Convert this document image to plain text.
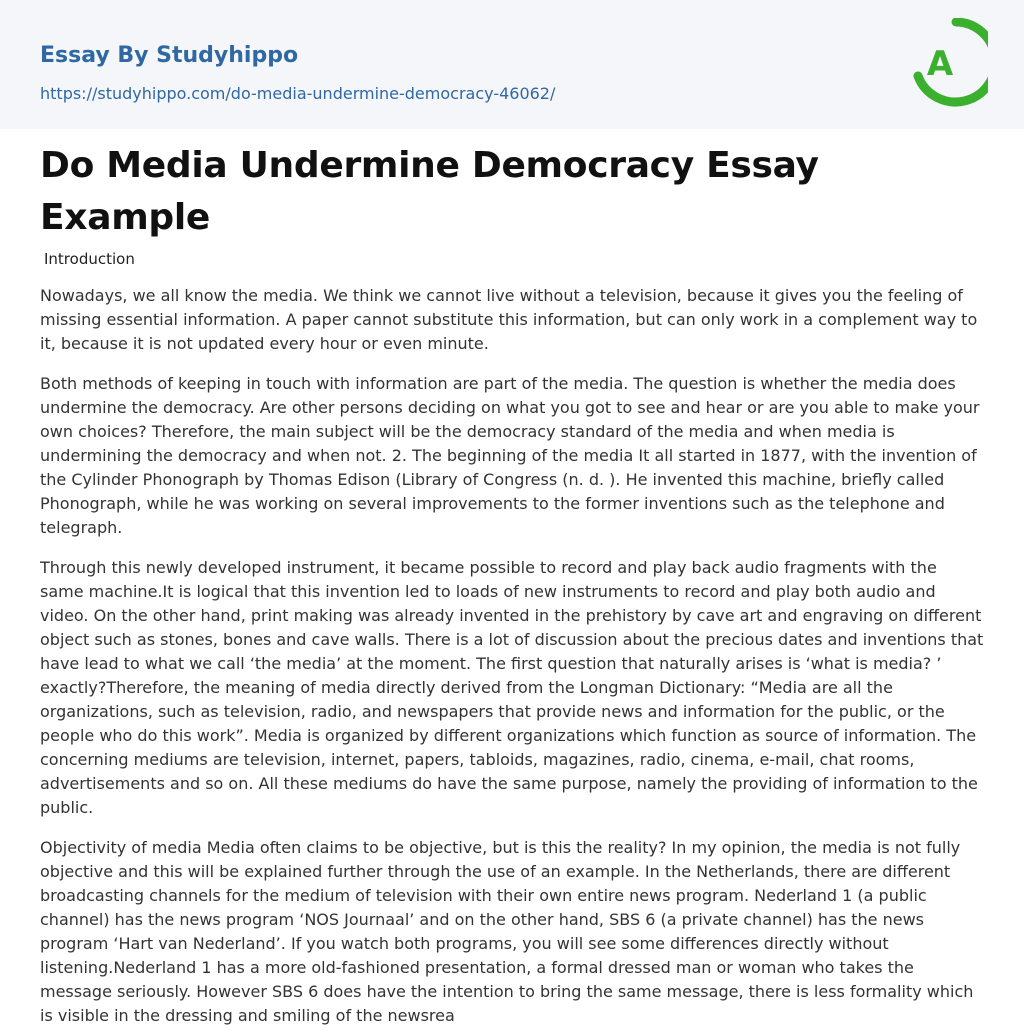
Essay By Studyhippo
https://studyhippo.com/do-media-undermine-democracy-46062/
A
Do Media Undermine Democracy Essay Example
Introduction

Nowadays, we all know the media. We think we cannot live without a television, because it gives you the feeling of missing essential information. A paper cannot substitute this information, but can only work in a complement way to it, because it is not updated every hour or even minute.

Both methods of keeping in touch with information are part of the media. The question is whether the media does undermine the democracy. Are other persons deciding on what you got to see and hear or are you able to make your own choices? Therefore, the main subject will be the democracy standard of the media and when media is undermining the democracy and when not. 2. The beginning of the media It all started in 1877, with the invention of the Cylinder Phonograph by Thomas Edison (Library of Congress (n. d. ). He invented this machine, briefly called Phonograph, while he was working on several improvements to the former inventions such as the telephone and telegraph.

Through this newly developed instrument, it became possible to record and play back audio fragments with the same machine.It is logical that this invention led to loads of new instruments to record and play both audio and video. On the other hand, print making was already invented in the prehistory by cave art and engraving on different object such as stones, bones and cave walls. There is a lot of discussion about the precious dates and inventions that have lead to what we call ‘the media’ at the moment. The first question that naturally arises is ‘what is media? ’ exactly?Therefore, the meaning of media directly derived from the Longman Dictionary: “Media are all the organizations, such as television, radio, and newspapers that provide news and information for the public, or the people who do this work”. Media is organized by different organizations which function as source of information. The concerning mediums are television, internet, papers, tabloids, magazines, radio, cinema, e-mail, chat rooms, advertisements and so on. All these mediums do have the same purpose, namely the providing of information to the public.

Objectivity of media Media often claims to be objective, but is this the reality? In my opinion, the media is not fully objective and this will be explained further through the use of an example. In the Netherlands, there are different broadcasting channels for the medium of television with their own entire news program. Nederland 1 (a public channel) has the news program ‘NOS Journaal’ and on the other hand, SBS 6 (a private channel) has the news program ‘Hart van Nederland’. If you watch both programs, you will see some differences directly without listening.Nederland 1 has a more old-fashioned presentation, a formal dressed man or woman who takes the message seriously. However SBS 6 does have the intention to bring the same message, there is less formality which is visible in the dressing and smiling of the newsrea
